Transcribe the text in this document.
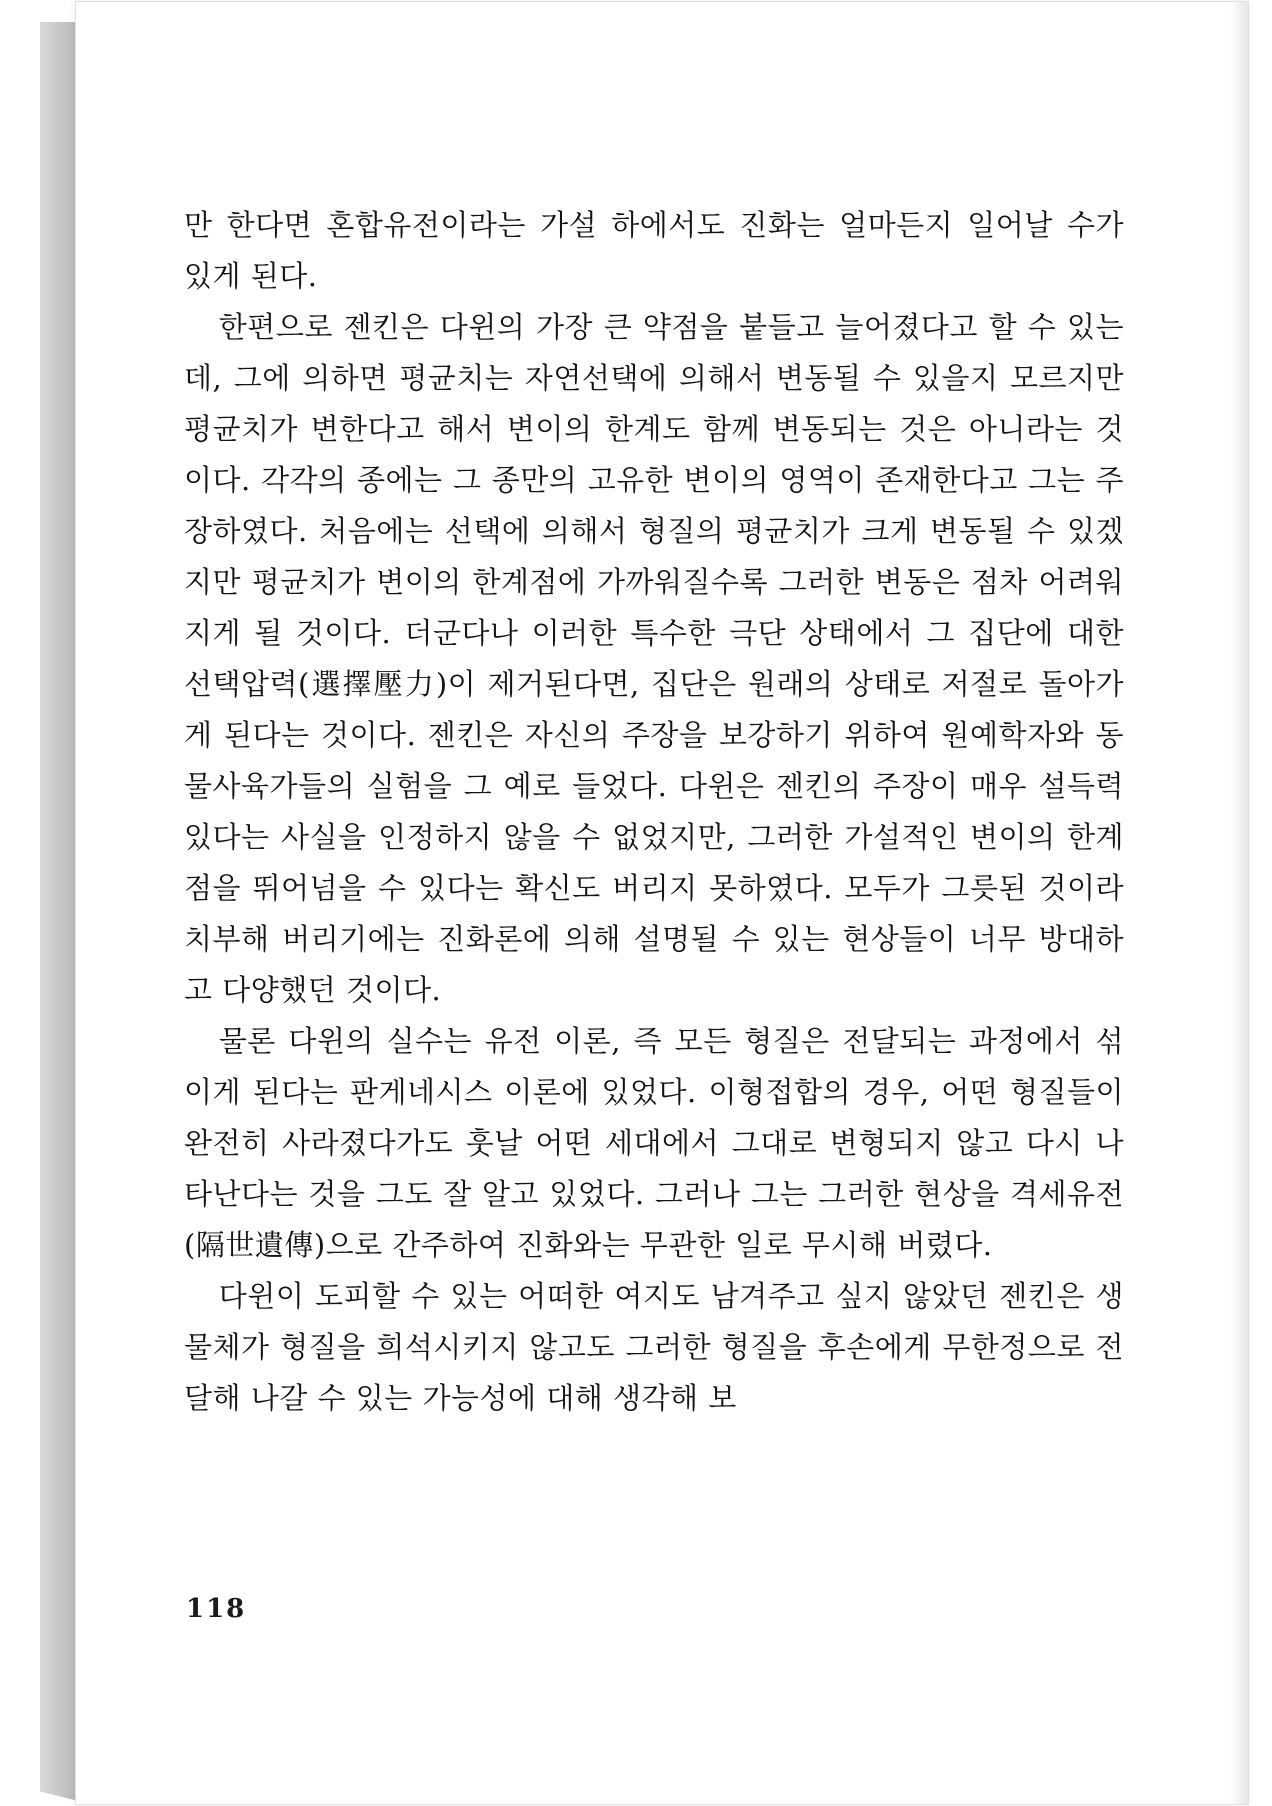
만 한다면 혼합유전이라는 가설 하에서도 진화는 얼마든지 일어날 수가 있게 된다.

한편으로 젠킨은 다윈의 가장 큰 약점을 붙들고 늘어졌다고 할 수 있는데, 그에 의하면 평균치는 자연선택에 의해서 변동될 수 있을지 모르지만 평균치가 변한다고 해서 변이의 한계도 함께 변동되는 것은 아니라는 것이다. 각각의 종에는 그 종만의 고유한 변이의 영역이 존재한다고 그는 주장하였다. 처음에는 선택에 의해서 형질의 평균치가 크게 변동될 수 있겠지만 평균치가 변이의 한계점에 가까워질수록 그러한 변동은 점차 어려워지게 될 것이다. 더군다나 이러한 특수한 극단 상태에서 그 집단에 대한 선택압력(選擇壓力)이 제거된다면, 집단은 원래의 상태로 저절로 돌아가게 된다는 것이다. 젠킨은 자신의 주장을 보강하기 위하여 원예학자와 동물사육가들의 실험을 그 예로 들었다. 다윈은 젠킨의 주장이 매우 설득력 있다는 사실을 인정하지 않을 수 없었지만, 그러한 가설적인 변이의 한계점을 뛰어넘을 수 있다는 확신도 버리지 못하였다. 모두가 그릇된 것이라 치부해 버리기에는 진화론에 의해 설명될 수 있는 현상들이 너무 방대하고 다양했던 것이다.

물론 다윈의 실수는 유전 이론, 즉 모든 형질은 전달되는 과정에서 섞이게 된다는 판게네시스 이론에 있었다. 이형접합의 경우, 어떤 형질들이 완전히 사라졌다가도 훗날 어떤 세대에서 그대로 변형되지 않고 다시 나타난다는 것을 그도 잘 알고 있었다. 그러나 그는 그러한 현상을 격세유전(隔世遺傳)으로 간주하여 진화와는 무관한 일로 무시해 버렸다.

다윈이 도피할 수 있는 어떠한 여지도 남겨주고 싶지 않았던 젠킨은 생물체가 형질을 희석시키지 않고도 그러한 형질을 후손에게 무한정으로 전달해 나갈 수 있는 가능성에 대해 생각해 보

118
